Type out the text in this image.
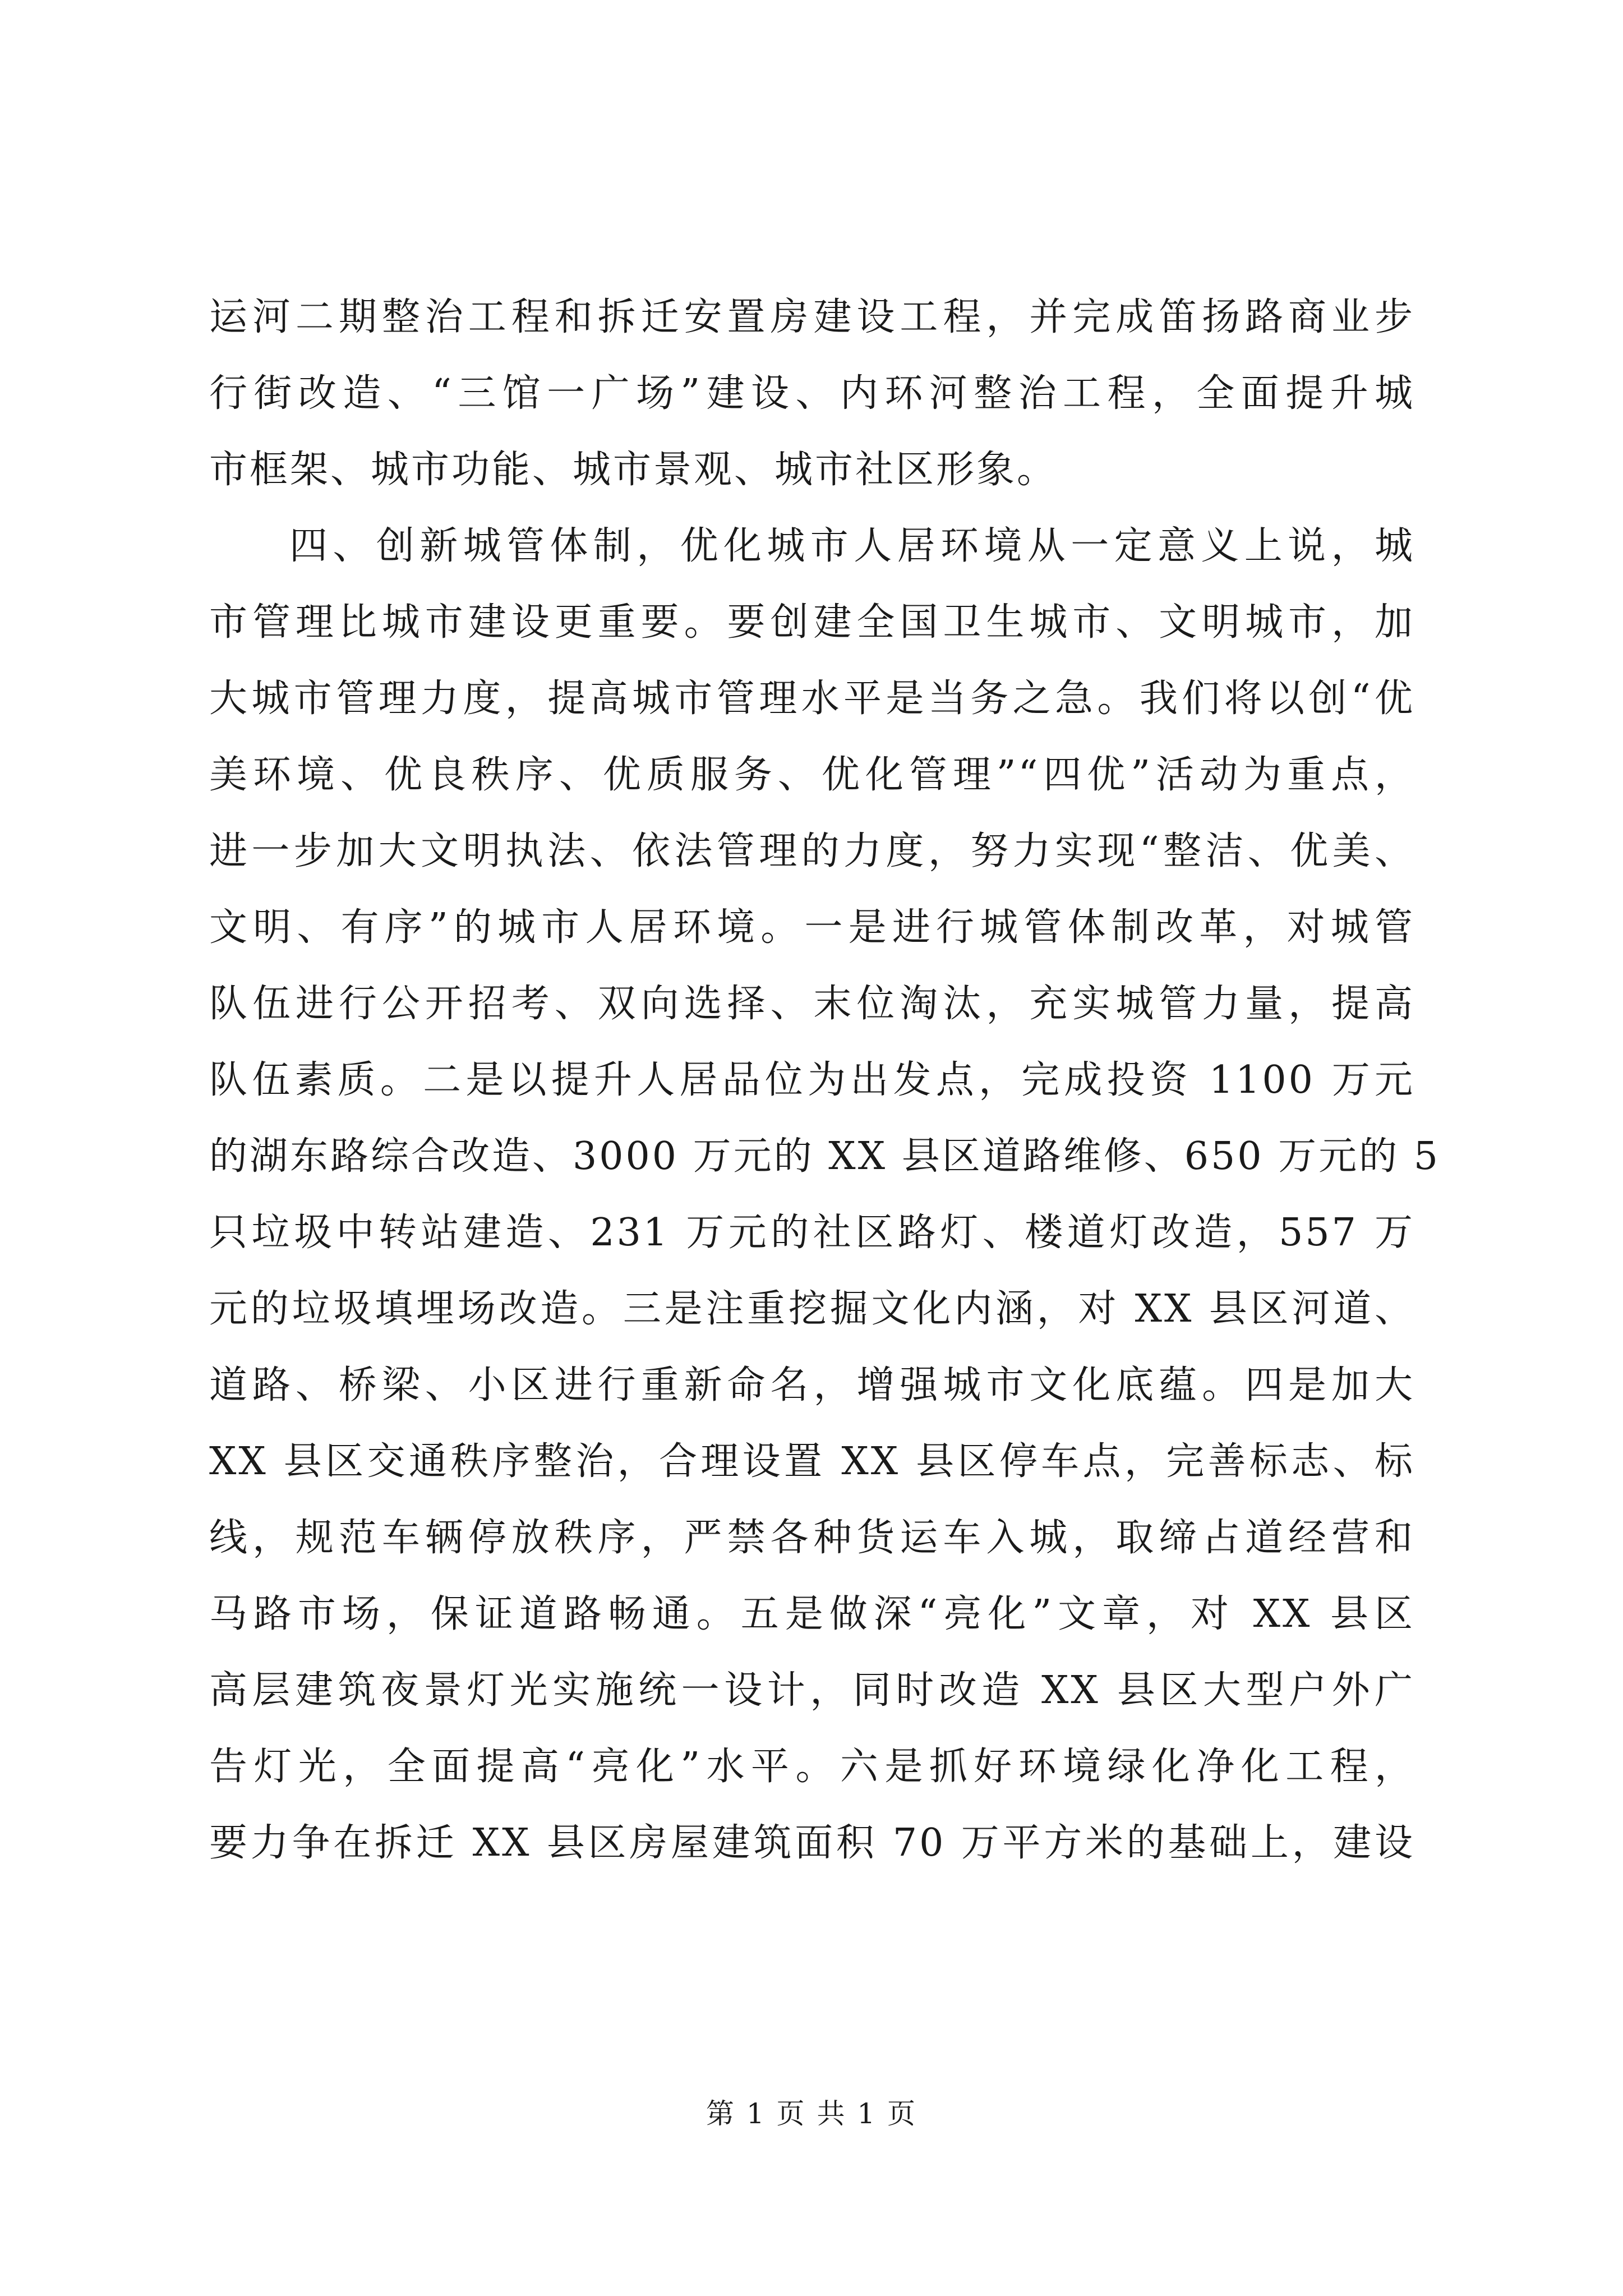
运河二期整治工程和拆迁安置房建设工程，并完成笛扬路商业步
行街改造、“三馆一广场”建设、内环河整治工程，全面提升城
市框架、城市功能、城市景观、城市社区形象。
四、创新城管体制，优化城市人居环境从一定意义上说，城
市管理比城市建设更重要。要创建全国卫生城市、文明城市，加
大城市管理力度，提高城市管理水平是当务之急。我们将以创“优
美环境、优良秩序、优质服务、优化管理”“四优”活动为重点，
进一步加大文明执法、依法管理的力度，努力实现“整洁、优美、
文明、有序”的城市人居环境。一是进行城管体制改革，对城管
队伍进行公开招考、双向选择、末位淘汰，充实城管力量，提高
队伍素质。二是以提升人居品位为出发点，完成投资 1100 万元
的湖东路综合改造、3000 万元的 XX 县区道路维修、650 万元的 5
只垃圾中转站建造、231 万元的社区路灯、楼道灯改造，557 万
元的垃圾填埋场改造。三是注重挖掘文化内涵，对 XX 县区河道、
道路、桥梁、小区进行重新命名，增强城市文化底蕴。四是加大
XX 县区交通秩序整治，合理设置 XX 县区停车点，完善标志、标
线，规范车辆停放秩序，严禁各种货运车入城，取缔占道经营和
马路市场，保证道路畅通。五是做深“亮化”文章，对 XX 县区
高层建筑夜景灯光实施统一设计，同时改造 XX 县区大型户外广
告灯光，全面提高“亮化”水平。六是抓好环境绿化净化工程，
要力争在拆迁 XX 县区房屋建筑面积 70 万平方米的基础上，建设
第 1 页 共 1 页
